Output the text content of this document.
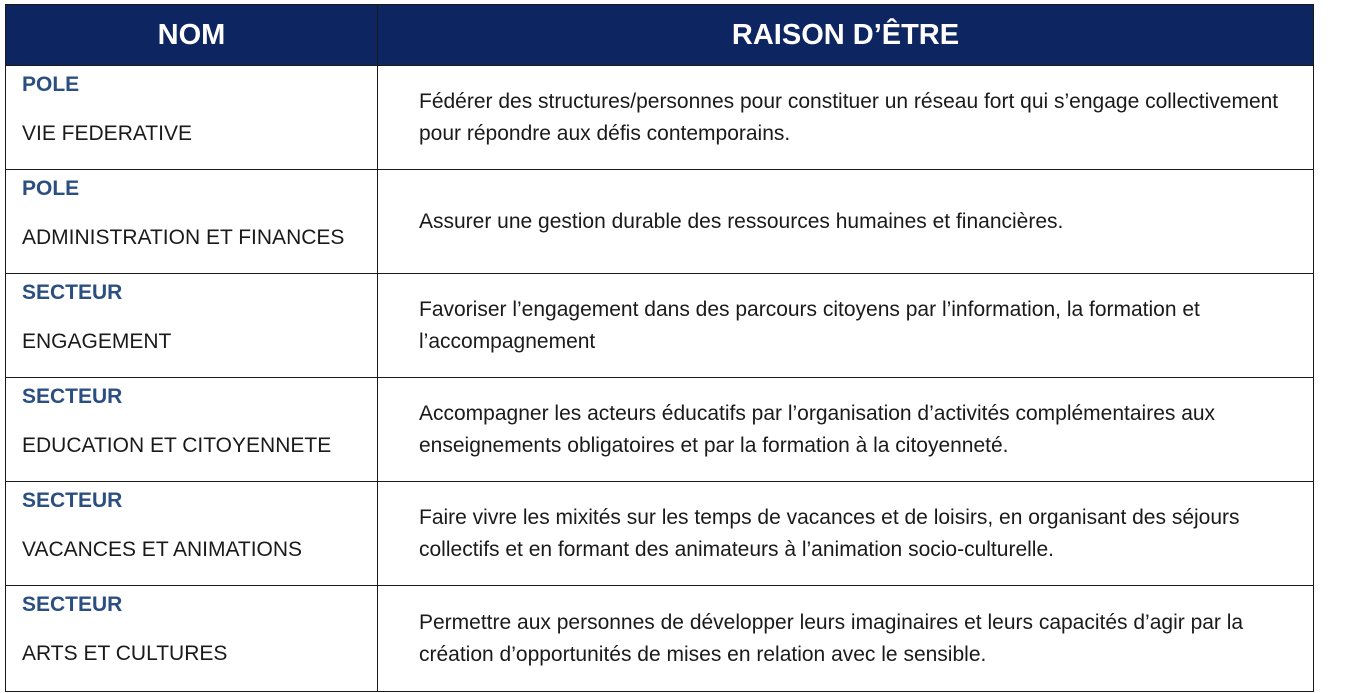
NOM	RAISON D’ÊTRE

POLE
VIE FEDERATIVE	Fédérer des structures/personnes pour constituer un réseau fort qui s’engage collectivement pour répondre aux défis contemporains.

POLE
ADMINISTRATION ET FINANCES	Assurer une gestion durable des ressources humaines et financières.

SECTEUR
ENGAGEMENT	Favoriser l’engagement dans des parcours citoyens par l’information, la formation et l’accompagnement

SECTEUR
EDUCATION ET CITOYENNETE	Accompagner les acteurs éducatifs par l’organisation d’activités complémentaires aux enseignements obligatoires et par la formation à la citoyenneté.

SECTEUR
VACANCES ET ANIMATIONS	Faire vivre les mixités sur les temps de vacances et de loisirs, en organisant des séjours collectifs et en formant des animateurs à l’animation socio-culturelle.

SECTEUR
ARTS ET CULTURES	Permettre aux personnes de développer leurs imaginaires et leurs capacités d’agir par la création d’opportunités de mises en relation avec le sensible.
